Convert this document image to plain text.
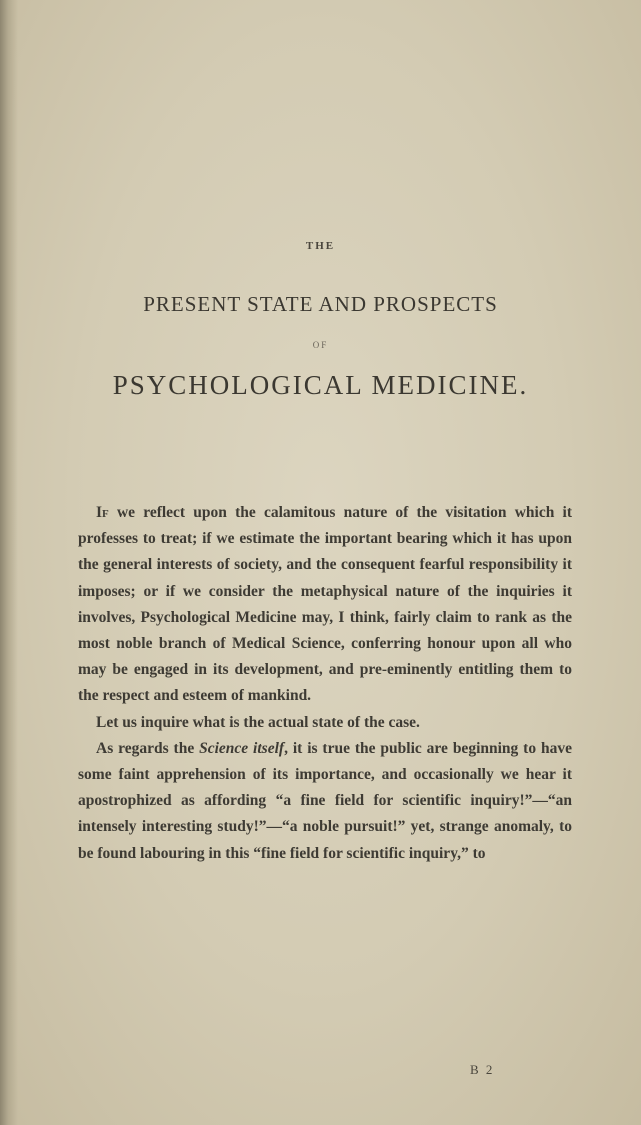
THE
PRESENT STATE AND PROSPECTS
OF
PSYCHOLOGICAL MEDICINE.

If we reflect upon the calamitous nature of the visitation which it professes to treat; if we estimate the important bearing which it has upon the general interests of society, and the consequent fearful responsibility it imposes; or if we consider the metaphysical nature of the inquiries it involves, Psychological Medicine may, I think, fairly claim to rank as the most noble branch of Medical Science, conferring honour upon all who may be engaged in its development, and pre-eminently entitling them to the respect and esteem of mankind.

Let us inquire what is the actual state of the case.

As regards the Science itself, it is true the public are beginning to have some faint apprehension of its importance, and occasionally we hear it apostrophized as affording “a fine field for scientific inquiry!”—“an intensely interesting study!”—“a noble pursuit!” yet, strange anomaly, to be found labouring in this “fine field for scientific inquiry,” to

B 2
